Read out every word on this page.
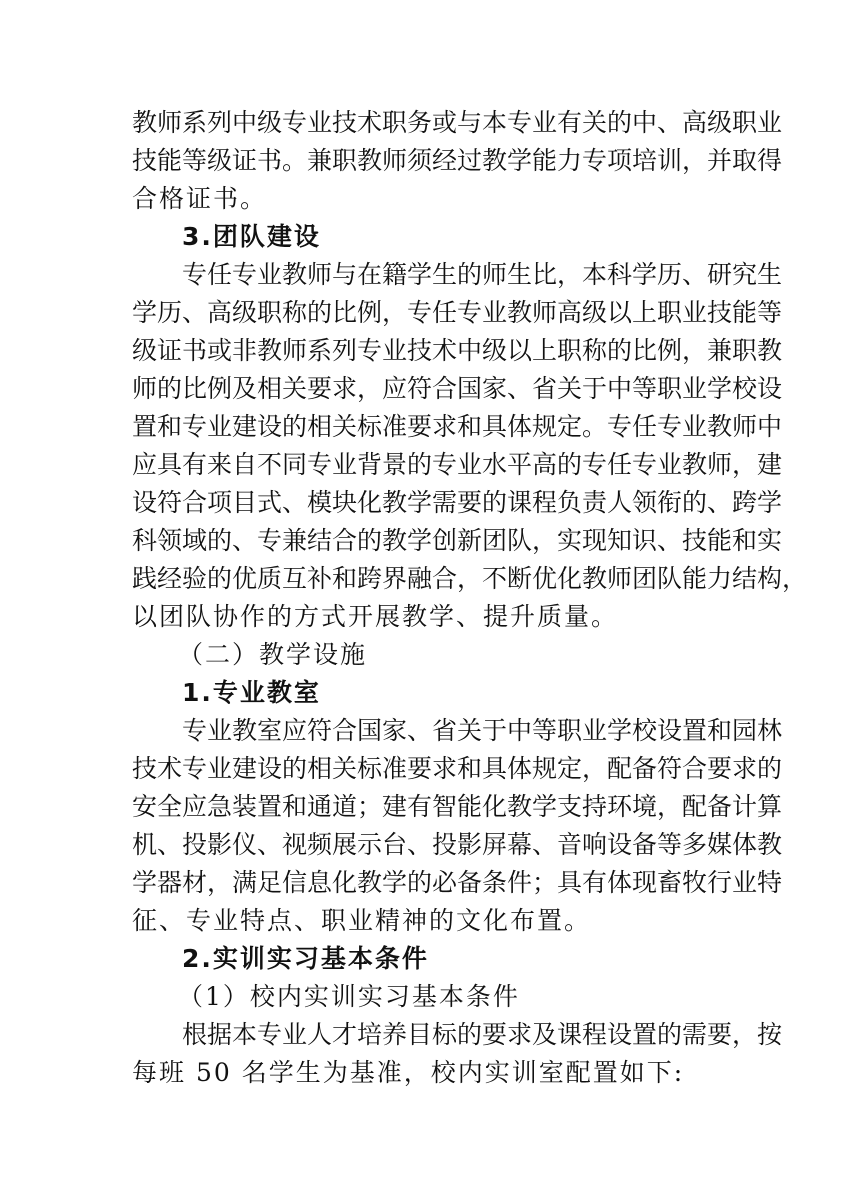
教师系列中级专业技术职务或与本专业有关的中、高级职业
技能等级证书。兼职教师须经过教学能力专项培训，并取得
合格证书。
3.团队建设
专任专业教师与在籍学生的师生比，本科学历、研究生
学历、高级职称的比例，专任专业教师高级以上职业技能等
级证书或非教师系列专业技术中级以上职称的比例，兼职教
师的比例及相关要求，应符合国家、省关于中等职业学校设
置和专业建设的相关标准要求和具体规定。专任专业教师中
应具有来自不同专业背景的专业水平高的专任专业教师，建
设符合项目式、模块化教学需要的课程负责人领衔的、跨学
科领域的、专兼结合的教学创新团队，实现知识、技能和实
践经验的优质互补和跨界融合，不断优化教师团队能力结构，
以团队协作的方式开展教学、提升质量。
（二）教学设施
1.专业教室
专业教室应符合国家、省关于中等职业学校设置和园林
技术专业建设的相关标准要求和具体规定，配备符合要求的
安全应急装置和通道；建有智能化教学支持环境，配备计算
机、投影仪、视频展示台、投影屏幕、音响设备等多媒体教
学器材，满足信息化教学的必备条件；具有体现畜牧行业特
征、专业特点、职业精神的文化布置。
2.实训实习基本条件
（1）校内实训实习基本条件
根据本专业人才培养目标的要求及课程设置的需要，按
每班 50 名学生为基准，校内实训室配置如下:
